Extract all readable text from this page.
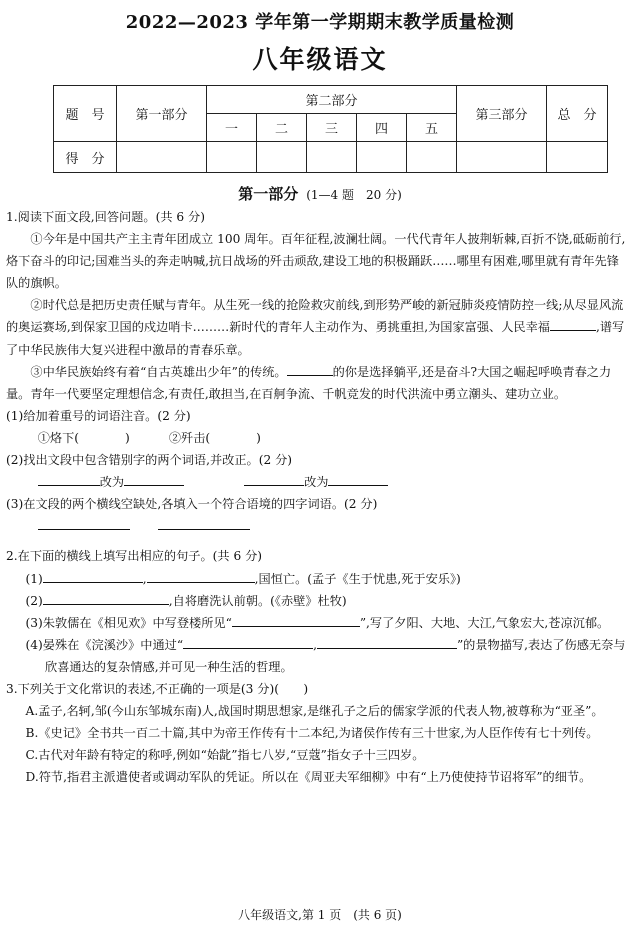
2022—2023 学年第一学期期末教学质量检测
八年级语文
题　号	第一部分	第二部分					第三部分	总　分
		一	二	三	四	五		
得　分								
第一部分 (1—4 题　20 分)

1.阅读下面文段,回答问题。(共 6 分)

①今年是中国共产主主青年团成立 100 周年。百年征程,波澜壮阔。一代代青年人披荆斩棘,百折不饶,砥砺前行,烙下奋斗的印记;国难当头的奔走呐喊,抗日战场的歼击顽敌,建设工地的积极踊跃……哪里有困难,哪里就有青年先锋队的旗帜。

②时代总是把历史责任赋与青年。从生死一线的抢险救灾前线,到形势严峻的新冠肺炎疫情防控一线;从尽显风流的奥运赛场,到保家卫国的戍边哨卡………新时代的青年人主动作为、勇挑重担,为国家富强、人民幸福	,谱写了中华民族伟大复兴进程中激昂的青春乐章。

③中华民族始终有着“自古英雄出少年”的传统。	的你是选择躺平,还是奋斗?大国之崛起呼唤青春之力量。青年一代要坚定理想信念,有责任,敢担当,在百舸争流、千帆竞发的时代洪流中勇立潮头、建功立业。

(1)给加着重号的词语注音。(2 分)

①烙下(	)	②歼击(	)

(2)找出文段中包含错别字的两个词语,并改正。(2 分)

改为	改为

(3)在文段的两个横线空缺处,各填入一个符合语境的四字词语。(2 分)

2.在下面的横线上填写出相应的句子。(共 6 分)

(1)	,	,国恒亡。(孟子《生于忧患,死于安乐》)

(2)	,自将磨洗认前朝。(《赤壁》杜牧)

(3)朱敦儒在《相见欢》中写登楼所见“	”,写了夕阳、大地、大江,气象宏大,苍凉沉郁。

(4)晏殊在《浣溪沙》中通过“	,	”的景物描写,表达了伤感无奈与欣喜通达的复杂情感,并可见一种生活的哲理。

3.下列关于文化常识的表述,不正确的一项是(3 分)(　　)

A.孟子,名轲,邹(今山东邹城东南)人,战国时期思想家,是继孔子之后的儒家学派的代表人物,被尊称为“亚圣”。

B.《史记》全书共一百二十篇,其中为帝王作传有十二本纪,为诸侯作传有三十世家,为人臣作传有七十列传。

C.古代对年龄有特定的称呼,例如“始龀”指七八岁,“豆蔻”指女子十三四岁。

D.符节,指君主派遣使者或调动军队的凭证。所以在《周亚夫军细柳》中有“上乃使使持节诏将军”的细节。

八年级语文,第 1 页　(共 6 页)
